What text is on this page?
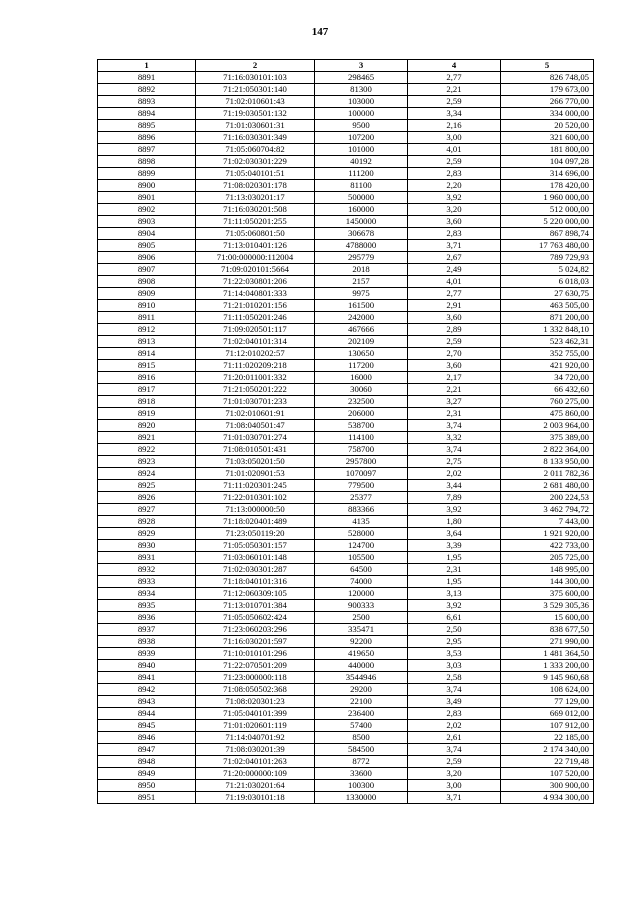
147
1	2	3	4	5
8891	71:16:030101:103	298465	2,77	826 748,05
8892	71:21:050301:140	81300	2,21	179 673,00
8893	71:02:010601:43	103000	2,59	266 770,00
8894	71:19:030501:132	100000	3,34	334 000,00
8895	71:01:030601:31	9500	2,16	20 520,00
8896	71:16:030301:349	107200	3,00	321 600,00
8897	71:05:060704:82	101000	4,01	181 800,00
8898	71:02:030301:229	40192	2,59	104 097,28
8899	71:05:040101:51	111200	2,83	314 696,00
8900	71:08:020301:178	81100	2,20	178 420,00
8901	71:13:030201:17	500000	3,92	1 960 000,00
8902	71:16:030201:508	160000	3,20	512 000,00
8903	71:11:050201:255	1450000	3,60	5 220 000,00
8904	71:05:060801:50	306678	2,83	867 898,74
8905	71:13:010401:126	4788000	3,71	17 763 480,00
8906	71:00:000000:112004	295779	2,67	789 729,93
8907	71:09:020101:5664	2018	2,49	5 024,82
8908	71:22:030801:206	2157	4,01	6 018,03
8909	71:14:040801:333	9975	2,77	27 630,75
8910	71:21:010201:156	161500	2,91	463 505,00
8911	71:11:050201:246	242000	3,60	871 200,00
8912	71:09:020501:117	467666	2,89	1 332 848,10
8913	71:02:040101:314	202109	2,59	523 462,31
8914	71:12:010202:57	130650	2,70	352 755,00
8915	71:11:020209:218	117200	3,60	421 920,00
8916	71:20:011001:332	16000	2,17	34 720,00
8917	71:21:050201:222	30060	2,21	66 432,60
8918	71:01:030701:233	232500	3,27	760 275,00
8919	71:02:010601:91	206000	2,31	475 860,00
8920	71:08:040501:47	538700	3,74	2 003 964,00
8921	71:01:030701:274	114100	3,32	375 389,00
8922	71:08:010501:431	758700	3,74	2 822 364,00
8923	71:03:050201:50	2957800	2,75	8 133 950,00
8924	71:01:020901:53	1070097	2,02	2 011 782,36
8925	71:11:020301:245	779500	3,44	2 681 480,00
8926	71:22:010301:102	25377	7,89	200 224,53
8927	71:13:000000:50	883366	3,92	3 462 794,72
8928	71:18:020401:489	4135	1,80	7 443,00
8929	71:23:050119:20	528000	3,64	1 921 920,00
8930	71:05:050301:157	124700	3,39	422 733,00
8931	71:03:060101:148	105500	1,95	205 725,00
8932	71:02:030301:287	64500	2,31	148 995,00
8933	71:18:040101:316	74000	1,95	144 300,00
8934	71:12:060309:105	120000	3,13	375 600,00
8935	71:13:010701:384	900333	3,92	3 529 305,36
8936	71:05:050602:424	2500	6,61	15 600,00
8937	71:23:060203:296	335471	2,50	838 677,50
8938	71:16:030201:597	92200	2,95	271 990,00
8939	71:10:010101:296	419650	3,53	1 481 364,50
8940	71:22:070501:209	440000	3,03	1 333 200,00
8941	71:23:000000:118	3544946	2,58	9 145 960,68
8942	71:08:050502:368	29200	3,74	108 624,00
8943	71:08:020301:23	22100	3,49	77 129,00
8944	71:05:040101:399	236400	2,83	669 012,00
8945	71:01:020601:119	57400	2,02	107 912,00
8946	71:14:040701:92	8500	2,61	22 185,00
8947	71:08:030201:39	584500	3,74	2 174 340,00
8948	71:02:040101:263	8772	2,59	22 719,48
8949	71:20:000000:109	33600	3,20	107 520,00
8950	71:21:030201:64	100300	3,00	300 900,00
8951	71:19:030101:18	1330000	3,71	4 934 300,00
